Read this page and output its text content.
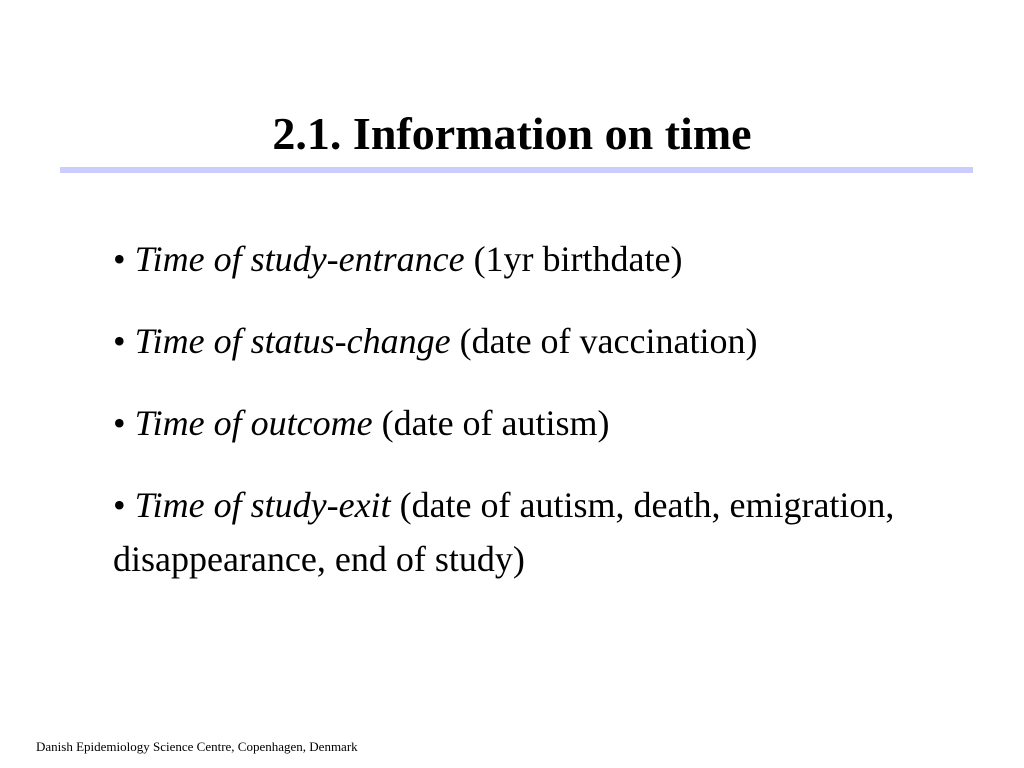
2.1. Information on time
• Time of study-entrance (1yr birthdate)
• Time of status-change (date of vaccination)
• Time of outcome (date of autism)
• Time of study-exit (date of autism, death, emigration, disappearance, end of study)

Danish Epidemiology Science Centre, Copenhagen, Denmark
